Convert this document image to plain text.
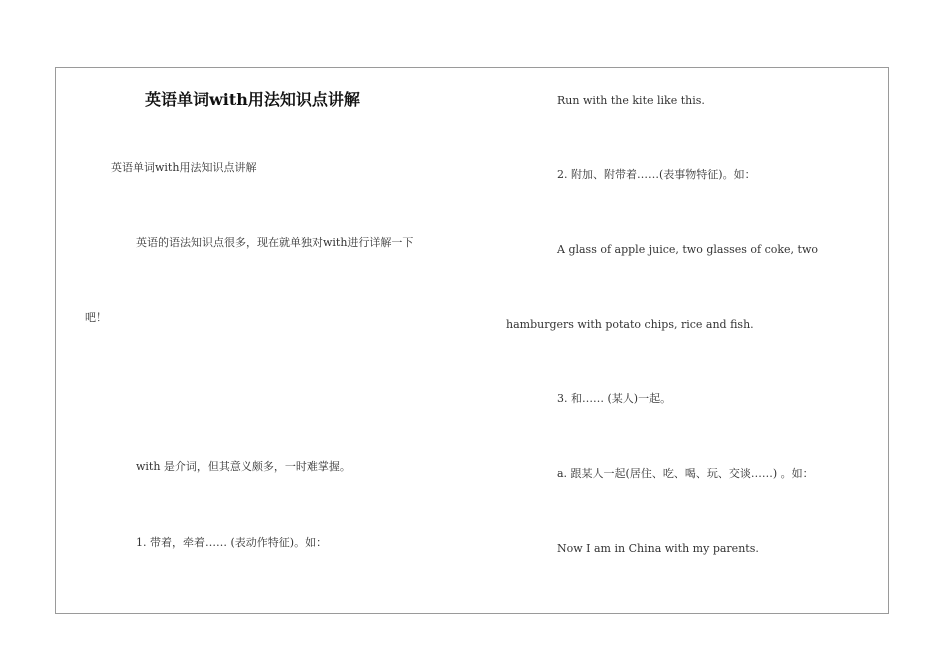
英语单词with用法知识点讲解
英语单词with用法知识点讲解
英语的语法知识点很多，现在就单独对with进行详解一下
吧！
with 是介词，但其意义颇多，一时难掌握。
1. 带着，牵着…… (表动作特征)。如：
Run with the kite like this.
2. 附加、附带着……(表事物特征)。如：
A glass of apple juice, two glasses of coke, two
hamburgers with potato chips, rice and fish.
3. 和…… (某人)一起。
a. 跟某人一起(居住、吃、喝、玩、交谈……) 。如：
Now I am in China with my parents.
